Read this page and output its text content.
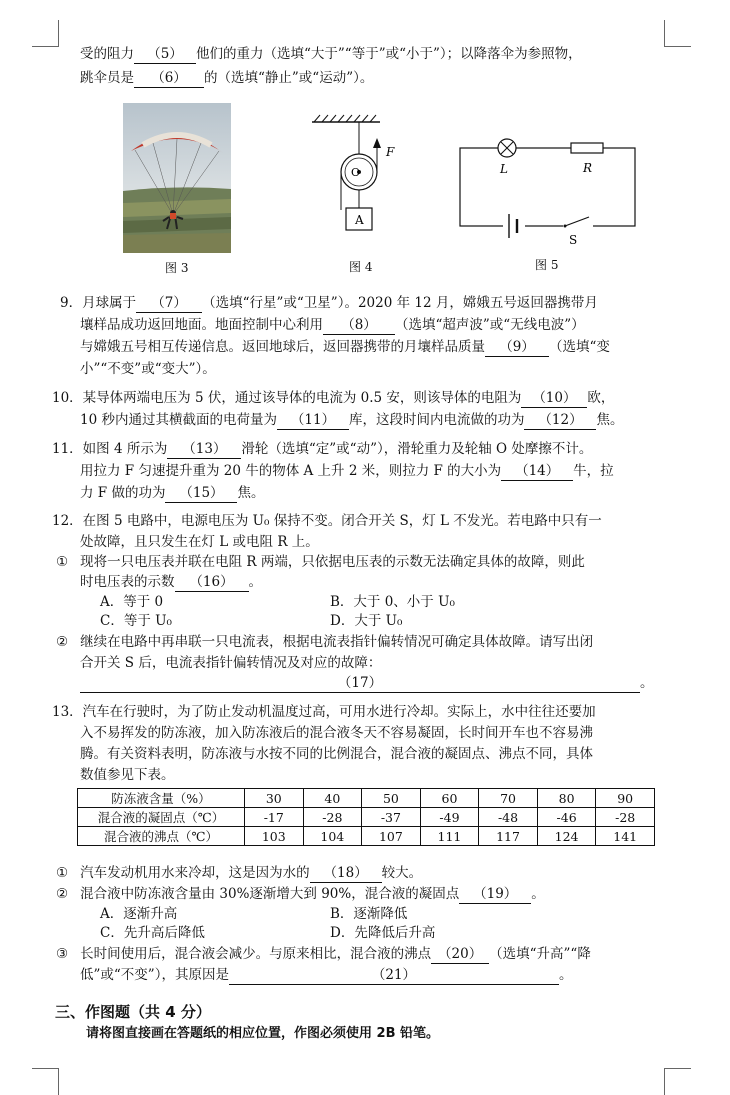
受的阻力 （5） 他们的重力（选填“大于”“等于”或“小于”）；以降落伞为参照物，
跳伞员是 （6） 的（选填“静止”或“运动”）。
图 3
O
A
F
图 4
L	R
S
图 5
9．月球属于 （7） （选填“行星”或“卫星”）。2020 年 12 月，嫦娥五号返回器携带月
壤样品成功返回地面。地面控制中心利用 （8） （选填“超声波”或“无线电波”）
与嫦娥五号相互传递信息。返回地球后，返回器携带的月壤样品质量 （9） （选填“变
小”“不变”或“变大”）。
10．某导体两端电压为 5 伏，通过该导体的电流为 0.5 安，则该导体的电阻为 （10） 欧，
10 秒内通过其横截面的电荷量为 （11） 库，这段时间内电流做的功为 （12） 焦。
11．如图 4 所示为 （13） 滑轮（选填“定”或“动”），滑轮重力及轮轴 O 处摩擦不计。
用拉力 F 匀速提升重为 20 牛的物体 A 上升 2 米，则拉力 F 的大小为 （14） 牛，拉
力 F 做的功为 （15） 焦。
12．在图 5 电路中，电源电压为 U₀ 保持不变。闭合开关 S，灯 L 不发光。若电路中只有一
处故障，且只发生在灯 L 或电阻 R 上。
① 现将一只电压表并联在电阻 R 两端，只依据电压表的示数无法确定具体的故障，则此
时电压表的示数 （16） 。
A．等于 0	B．大于 0、小于 U₀
C．等于 U₀	D．大于 U₀
② 继续在电路中再串联一只电流表，根据电流表指针偏转情况可确定具体故障。请写出闭
合开关 S 后，电流表指针偏转情况及对应的故障：
（17）	。
13．汽车在行驶时，为了防止发动机温度过高，可用水进行冷却。实际上，水中往往还要加
入不易挥发的防冻液，加入防冻液后的混合液冬天不容易凝固，长时间开车也不容易沸
腾。有关资料表明，防冻液与水按不同的比例混合，混合液的凝固点、沸点不同，具体
数值参见下表。
防冻液含量（%）	30	40	50	60	70	80	90
混合液的凝固点（℃）	-17	-28	-37	-49	-48	-46	-28
混合液的沸点（℃）	103	104	107	111	117	124	141
① 汽车发动机用水来冷却，这是因为水的 （18） 较大。
② 混合液中防冻液含量由 30%逐渐增大到 90%，混合液的凝固点 （19） 。
A．逐渐升高	B．逐渐降低
C．先升高后降低	D．先降低后升高
③ 长时间使用后，混合液会减少。与原来相比，混合液的沸点 （20） （选填“升高”“降
低”或“不变”），其原因是	（21）	。
三、作图题（共 4 分）
请将图直接画在答题纸的相应位置，作图必须使用 2B 铅笔。
